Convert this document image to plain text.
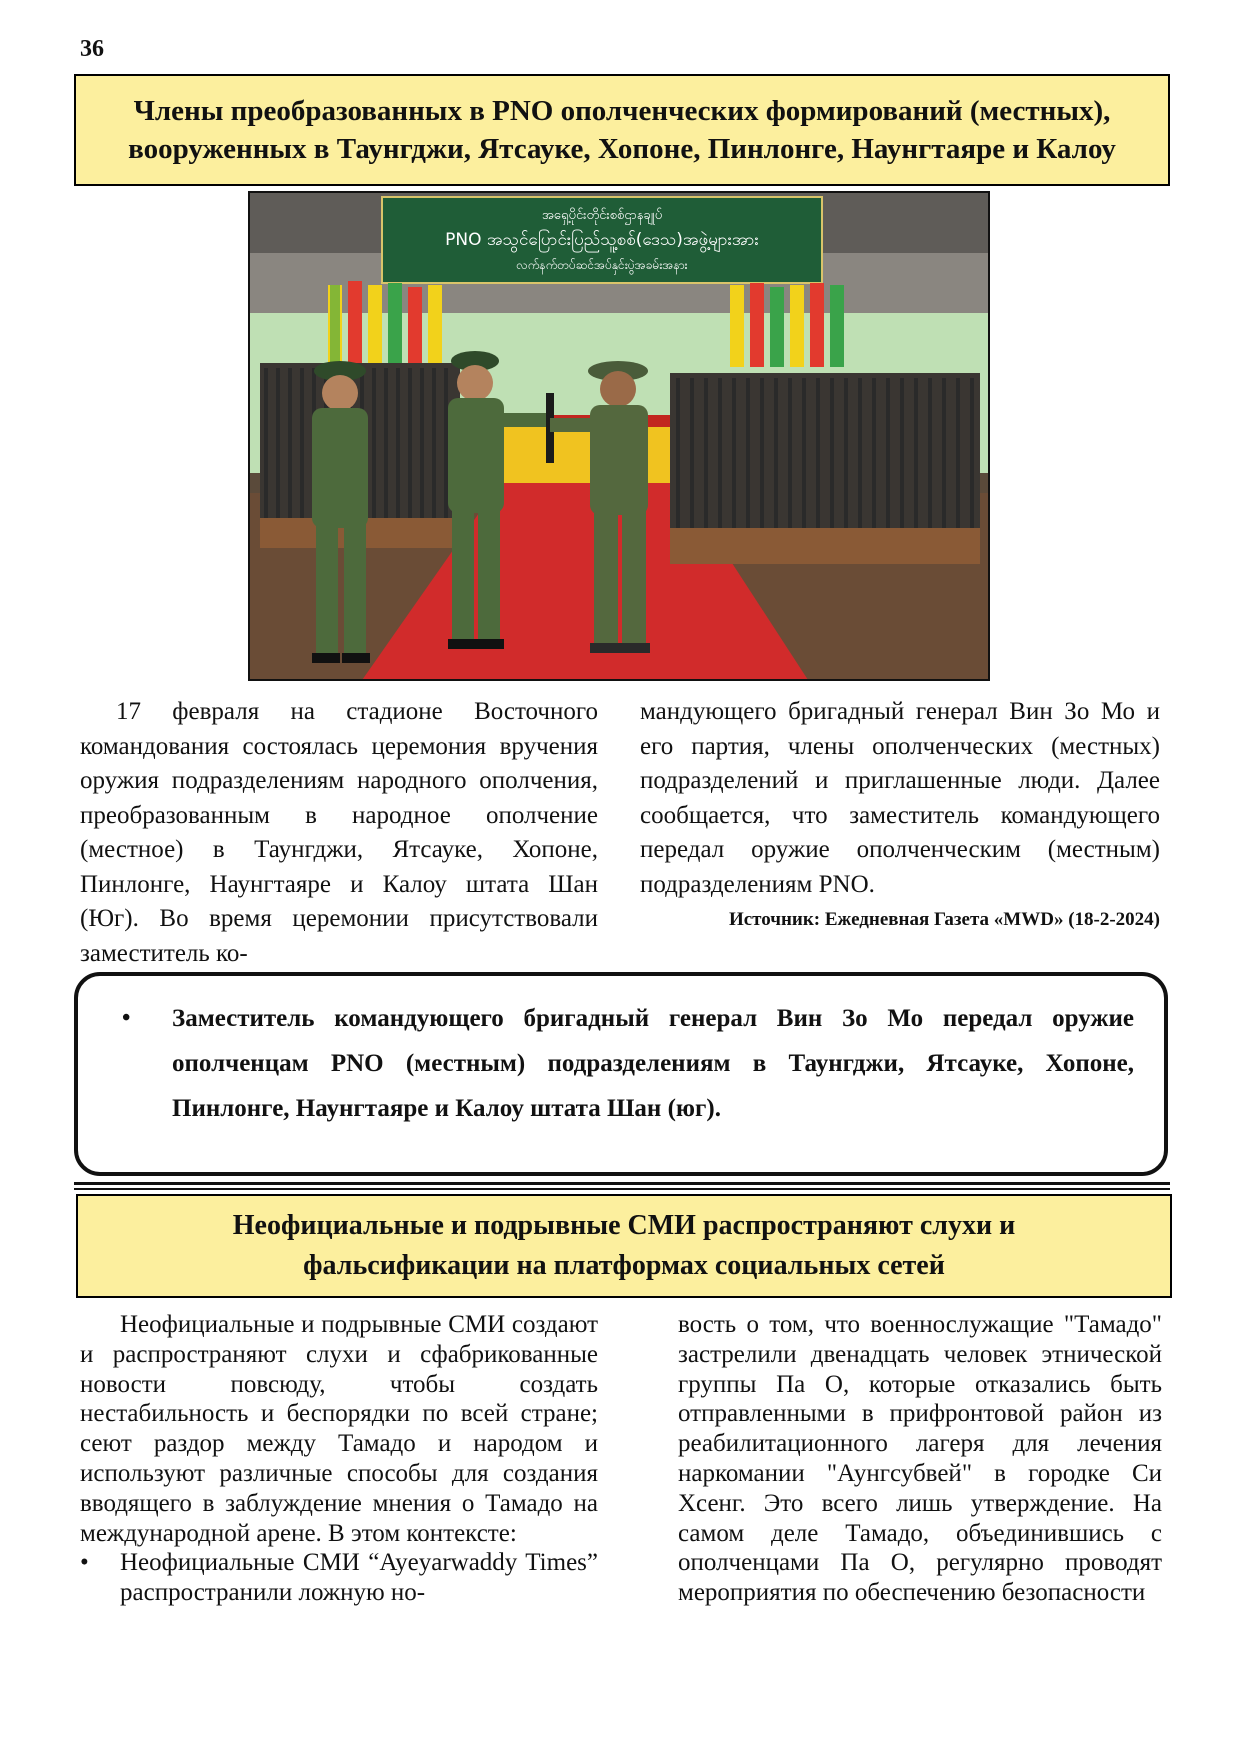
36
Члены преобразованных в PNO ополченческих формирований (местных),
вооруженных в Таунгджи, Ятсауке, Хопоне, Пинлонге, Наунгтаяре и Калоу
အရှေ့ပိုင်းတိုင်းစစ်ဌာနချုပ်
PNO အသွင်ပြောင်းပြည်သူ့စစ်(ဒေသ)အဖွဲ့များအား
လက်နက်တပ်ဆင်အပ်နှင်းပွဲအခမ်းအနား

17 февраля на стадионе Восточного командования состоялась церемония вручения оружия подразделениям народного ополчения, преобразованным в народное ополчение (местное) в Таунгджи, Ятсауке, Хопоне, Пинлонге, Наунгтаяре и Калоу штата Шан (Юг). Во время церемонии присутствовали заместитель ко-

мандующего бригадный генерал Вин Зо Мо и его партия, члены ополченческих (местных) подразделений и приглашенные люди. Далее сообщается, что заместитель командующего передал оружие ополченческим (местным) подразделениям PNO.

Источник: Ежедневная Газета «MWD» (18-2-2024)
• Заместитель командующего бригадный генерал Вин Зо Мо передал оружие ополченцам PNO (местным) подразделениям в Таунгджи, Ятсауке, Хопоне, Пинлонге, Наунгтаяре и Калоу штата Шан (юг).
Неофициальные и подрывные СМИ распространяют слухи и
фальсификации на платформах социальных сетей

Неофициальные и подрывные СМИ создают и распространяют слухи и сфабрикованные новости повсюду, чтобы создать нестабильность и беспорядки по всей стране; сеют раздор между Тамадо и народом и используют различные способы для создания вводящего в заблуждение мнения о Тамадо на международной арене. В этом контексте:

• Неофициальные СМИ “Ayeyarwaddy Times” распространили ложную но-

вость о том, что военнослужащие "Тамадо" застрелили двенадцать человек этнической группы Па О, которые отказались быть отправленными в прифронтовой район из реабилитационного лагеря для лечения наркомании "Аунгсубвей" в городке Си Хсенг. Это всего лишь утверждение. На самом деле Тамадо, объединившись с ополченцами Па О, регулярно проводят мероприятия по обеспечению безопасности
